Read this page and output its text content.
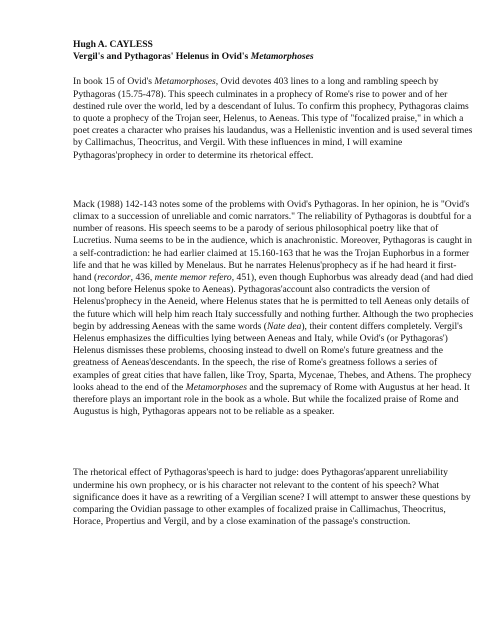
Hugh A. CAYLESS

Vergil's and Pythagoras' Helenus in Ovid's Metamorphoses

In book 15 of Ovid's Metamorphoses, Ovid devotes 403 lines to a long and rambling speech by Pythagoras (15.75-478). This speech culminates in a prophecy of Rome's rise to power and of her destined rule over the world, led by a descendant of Iulus. To confirm this prophecy, Pythagoras claims to quote a prophecy of the Trojan seer, Helenus, to Aeneas. This type of "focalized praise," in which a poet creates a character who praises his laudandus, was a Hellenistic invention and is used several times by Callimachus, Theocritus, and Vergil. With these influences in mind, I will examine Pythagoras'prophecy in order to determine its rhetorical effect.

Mack (1988) 142-143 notes some of the problems with Ovid's Pythagoras. In her opinion, he is "Ovid's climax to a succession of unreliable and comic narrators." The reliability of Pythagoras is doubtful for a number of reasons. His speech seems to be a parody of serious philosophical poetry like that of Lucretius. Numa seems to be in the audience, which is anachronistic. Moreover, Pythagoras is caught in a self-contradiction: he had earlier claimed at 15.160-163 that he was the Trojan Euphorbus in a former life and that he was killed by Menelaus. But he narrates Helenus'prophecy as if he had heard it first-hand (recordor, 436, mente memor refero, 451), even though Euphorbus was already dead (and had died not long before Helenus spoke to Aeneas). Pythagoras'account also contradicts the version of Helenus'prophecy in the Aeneid, where Helenus states that he is permitted to tell Aeneas only details of the future which will help him reach Italy successfully and nothing further. Although the two prophecies begin by addressing Aeneas with the same words (Nate dea), their content differs completely. Vergil's Helenus emphasizes the difficulties lying between Aeneas and Italy, while Ovid's (or Pythagoras') Helenus dismisses these problems, choosing instead to dwell on Rome's future greatness and the greatness of Aeneas'descendants. In the speech, the rise of Rome's greatness follows a series of examples of great cities that have fallen, like Troy, Sparta, Mycenae, Thebes, and Athens. The prophecy looks ahead to the end of the Metamorphoses and the supremacy of Rome with Augustus at her head. It therefore plays an important role in the book as a whole. But while the focalized praise of Rome and Augustus is high, Pythagoras appears not to be reliable as a speaker.

The rhetorical effect of Pythagoras'speech is hard to judge: does Pythagoras'apparent unreliability undermine his own prophecy, or is his character not relevant to the content of his speech? What significance does it have as a rewriting of a Vergilian scene? I will attempt to answer these questions by comparing the Ovidian passage to other examples of focalized praise in Callimachus, Theocritus, Horace, Propertius and Vergil, and by a close examination of the passage's construction.
